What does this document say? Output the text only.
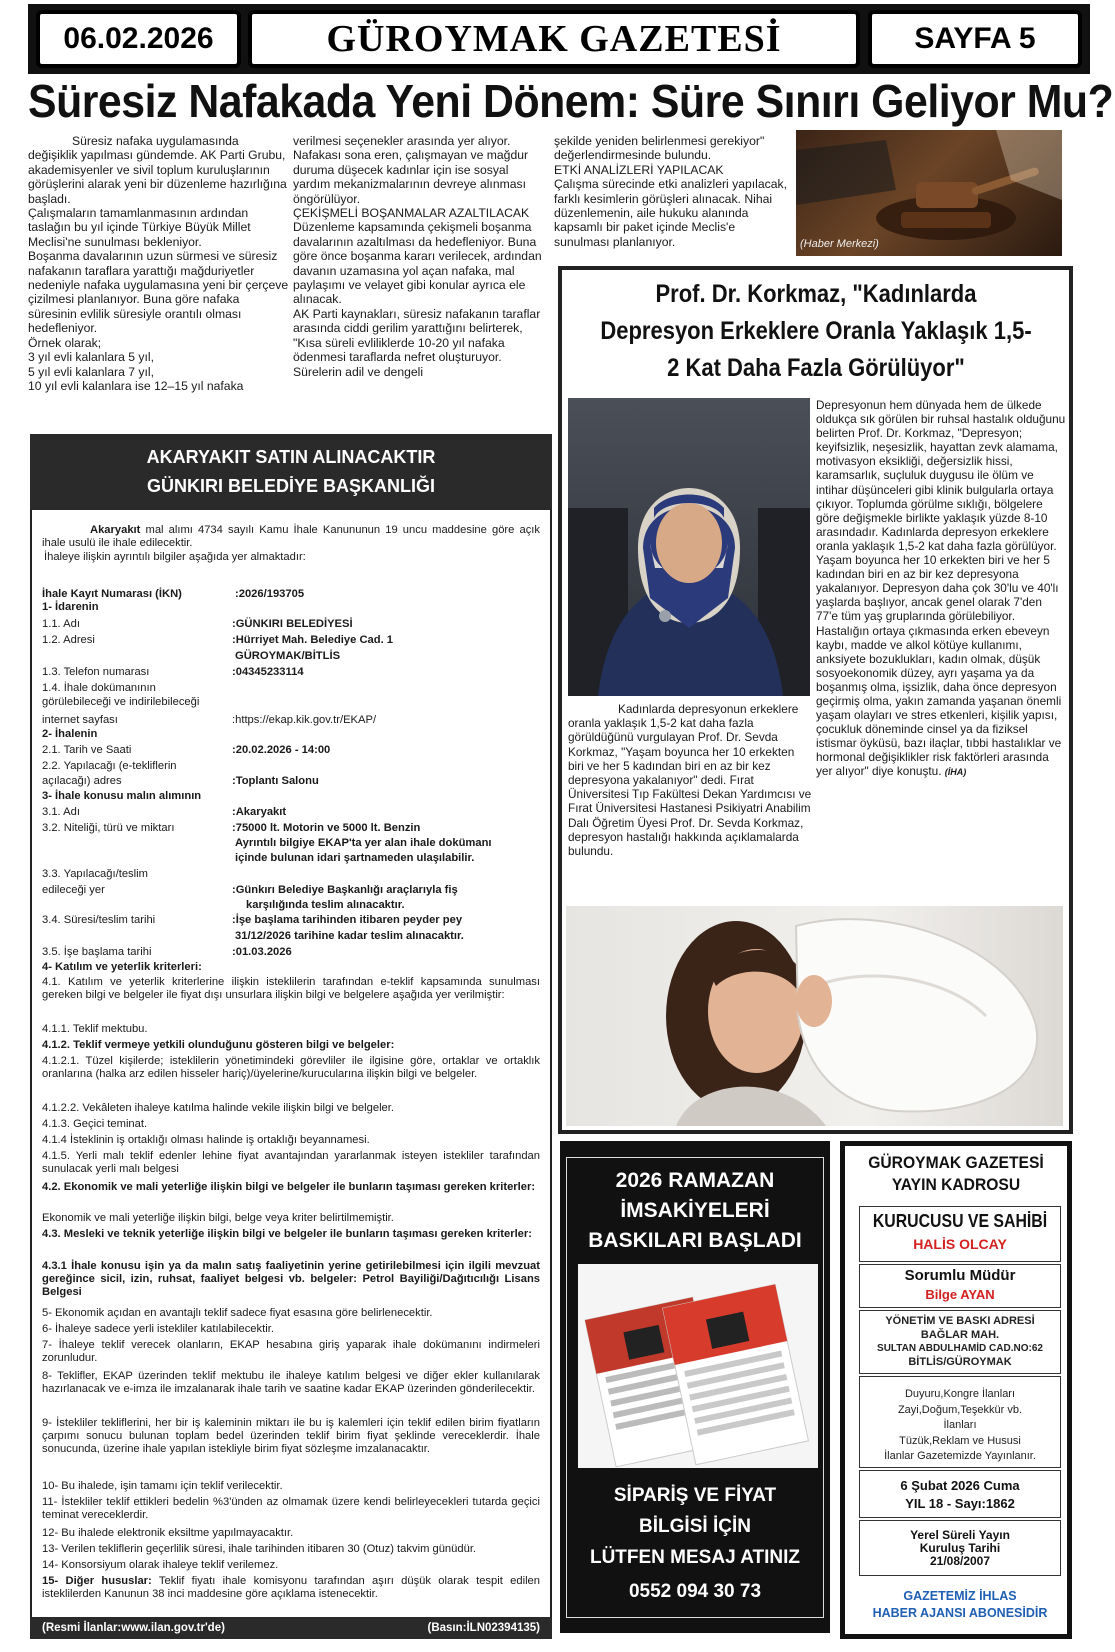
06.02.2026	GÜROYMAK GAZETESİ	SAYFA 5
Süresiz Nafakada Yeni Dönem: Süre Sınırı Geliyor Mu?

Süresiz nafaka uygulamasında değişiklik yapılması gündemde. AK Parti Grubu, akademisyenler ve sivil toplum kuruluşlarının görüşlerini alarak yeni bir düzenleme hazırlığına başladı.

Çalışmaların tamamlanmasının ardından taslağın bu yıl içinde Türkiye Büyük Millet Meclisi'ne sunulması bekleniyor.

Boşanma davalarının uzun sürmesi ve süresiz nafakanın taraflara yarattığı mağduriyetler nedeniyle nafaka uygulamasına yeni bir çerçeve çizilmesi planlanıyor. Buna göre nafaka süresinin evlilik süresiyle orantılı olması hedefleniyor.

Örnek olarak;

3 yıl evli kalanlara 5 yıl,

5 yıl evli kalanlara 7 yıl,

10 yıl evli kalanlara ise 12–15 yıl nafaka

verilmesi seçenekler arasında yer alıyor.

Nafakası sona eren, çalışmayan ve mağdur duruma düşecek kadınlar için ise sosyal yardım mekanizmalarının devreye alınması öngörülüyor.

ÇEKİŞMELİ BOŞANMALAR AZALTILACAK

Düzenleme kapsamında çekişmeli boşanma davalarının azaltılması da hedefleniyor. Buna göre önce boşanma kararı verilecek, ardından davanın uzamasına yol açan nafaka, mal paylaşımı ve velayet gibi konular ayrıca ele alınacak.

AK Parti kaynakları, süresiz nafakanın taraflar arasında ciddi gerilim yarattığını belirterek, "Kısa süreli evliliklerde 10-20 yıl nafaka ödenmesi taraflarda nefret oluşturuyor. Sürelerin adil ve dengeli

şekilde yeniden belirlenmesi gerekiyor" değerlendirmesinde bulundu.

ETKİ ANALİZLERİ YAPILACAK

Çalışma sürecinde etki analizleri yapılacak, farklı kesimlerin görüşleri alınacak. Nihai düzenlemenin, aile hukuku alanında kapsamlı bir paket içinde Meclis'e sunulması planlanıyor.	(Haber Merkezi)
AKARYAKIT SATIN ALINACAKTIR
GÜNKIRI BELEDİYE BAŞKANLIĞI
Akaryakıt mal alımı 4734 sayılı Kamu İhale Kanununun 19 uncu maddesine göre açık ihale usulü ile ihale edilecektir.
İhaleye ilişkin ayrıntılı bilgiler aşağıda yer almaktadır:
İhale Kayıt Numarası (İKN)	:2026/193705
1- İdarenin
1.1. Adı	:GÜNKIRI BELEDİYESİ
1.2. Adresi	:Hürriyet Mah. Belediye Cad. 1
GÜROYMAK/BİTLİS
1.3. Telefon numarası	:04345233114
1.4. İhale dokümanının
görülebileceği ve indirilebileceği
internet sayfası	:https://ekap.kik.gov.tr/EKAP/
2- İhalenin
2.1. Tarih ve Saati	:20.02.2026 - 14:00
2.2. Yapılacağı (e-tekliflerin
açılacağı) adres	:Toplantı Salonu
3- İhale konusu malın alımının
3.1. Adı	:Akaryakıt
3.2. Niteliği, türü ve miktarı	:75000 lt. Motorin ve 5000 lt. Benzin
Ayrıntılı bilgiye EKAP'ta yer alan ihale dokümanı
içinde bulunan idari şartnameden ulaşılabilir.
3.3. Yapılacağı/teslim
edileceği yer	:Günkırı Belediye Başkanlığı araçlarıyla fiş
karşılığında teslim alınacaktır.
3.4. Süresi/teslim tarihi	:İşe başlama tarihinden itibaren peyder pey
31/12/2026 tarihine kadar teslim alınacaktır.
3.5. İşe başlama tarihi	:01.03.2026
4- Katılım ve yeterlik kriterleri:
4.1. Katılım ve yeterlik kriterlerine ilişkin isteklilerin tarafından e-teklif kapsamında sunulması gereken bilgi ve belgeler ile fiyat dışı unsurlara ilişkin bilgi ve belgelere aşağıda yer verilmiştir:
4.1.1. Teklif mektubu.
4.1.2. Teklif vermeye yetkili olunduğunu gösteren bilgi ve belgeler:
4.1.2.1. Tüzel kişilerde; isteklilerin yönetimindeki görevliler ile ilgisine göre, ortaklar ve ortaklık oranlarına (halka arz edilen hisseler hariç)/üyelerine/kurucularına ilişkin bilgi ve belgeler.
4.1.2.2. Vekâleten ihaleye katılma halinde vekile ilişkin bilgi ve belgeler.
4.1.3. Geçici teminat.
4.1.4 İsteklinin iş ortaklığı olması halinde iş ortaklığı beyannamesi.
4.1.5. Yerli malı teklif edenler lehine fiyat avantajından yararlanmak isteyen istekliler tarafından sunulacak yerli malı belgesi
4.2. Ekonomik ve mali yeterliğe ilişkin bilgi ve belgeler ile bunların taşıması gereken kriterler:
Ekonomik ve mali yeterliğe ilişkin bilgi, belge veya kriter belirtilmemiştir.
4.3. Mesleki ve teknik yeterliğe ilişkin bilgi ve belgeler ile bunların taşıması gereken kriterler:
4.3.1 İhale konusu işin ya da malın satış faaliyetinin yerine getirilebilmesi için ilgili mevzuat gereğince sicil, izin, ruhsat, faaliyet belgesi vb. belgeler: Petrol Bayiliği/Dağıtıcılığı Lisans Belgesi
5- Ekonomik açıdan en avantajlı teklif sadece fiyat esasına göre belirlenecektir.
6- İhaleye sadece yerli istekliler katılabilecektir.
7- İhaleye teklif verecek olanların, EKAP hesabına giriş yaparak ihale dokümanını indirmeleri zorunludur.
8- Teklifler, EKAP üzerinden teklif mektubu ile ihaleye katılım belgesi ve diğer ekler kullanılarak hazırlanacak ve e-imza ile imzalanarak ihale tarih ve saatine kadar EKAP üzerinden gönderilecektir.
9- İstekliler tekliflerini, her bir iş kaleminin miktarı ile bu iş kalemleri için teklif edilen birim fiyatların çarpımı sonucu bulunan toplam bedel üzerinden teklif birim fiyat şeklinde vereceklerdir. İhale sonucunda, üzerine ihale yapılan istekliyle birim fiyat sözleşme imzalanacaktır.
10- Bu ihalede, işin tamamı için teklif verilecektir.
11- İstekliler teklif ettikleri bedelin %3'ünden az olmamak üzere kendi belirleyecekleri tutarda geçici teminat vereceklerdir.
12- Bu ihalede elektronik eksiltme yapılmayacaktır.
13- Verilen tekliflerin geçerlilik süresi, ihale tarihinden itibaren 30 (Otuz) takvim günüdür.
14- Konsorsiyum olarak ihaleye teklif verilemez.
15- Diğer hususlar: Teklif fiyatı ihale komisyonu tarafından aşırı düşük olarak tespit edilen isteklilerden Kanunun 38 inci maddesine göre açıklama istenecektir.
(Resmi İlanlar:www.ilan.gov.tr'de)	(Basın:İLN02394135)
Prof. Dr. Korkmaz, "Kadınlarda Depresyon Erkeklere Oranla Yaklaşık 1,5-2 Kat Daha Fazla Görülüyor"
Kadınlarda depresyonun erkeklere oranla yaklaşık 1,5-2 kat daha fazla görüldüğünü vurgulayan Prof. Dr. Sevda Korkmaz, "Yaşam boyunca her 10 erkekten biri ve her 5 kadından biri en az bir kez depresyona yakalanıyor" dedi. Fırat Üniversitesi Tıp Fakültesi Dekan Yardımcısı ve Fırat Üniversitesi Hastanesi Psikiyatri Anabilim Dalı Öğretim Üyesi Prof. Dr. Sevda Korkmaz, depresyon hastalığı hakkında açıklamalarda bulundu.
Depresyonun hem dünyada hem de ülkede oldukça sık görülen bir ruhsal hastalık olduğunu belirten Prof. Dr. Korkmaz, "Depresyon; keyifsizlik, neşesizlik, hayattan zevk alamama, motivasyon eksikliği, değersizlik hissi, karamsarlık, suçluluk duygusu ile ölüm ve intihar düşünceleri gibi klinik bulgularla ortaya çıkıyor. Toplumda görülme sıklığı, bölgelere göre değişmekle birlikte yaklaşık yüzde 8-10 arasındadır. Kadınlarda depresyon erkeklere oranla yaklaşık 1,5-2 kat daha fazla görülüyor. Yaşam boyunca her 10 erkekten biri ve her 5 kadından biri en az bir kez depresyona yakalanıyor. Depresyon daha çok 30'lu ve 40'lı yaşlarda başlıyor, ancak genel olarak 7'den 77'e tüm yaş gruplarında görülebiliyor. Hastalığın ortaya çıkmasında erken ebeveyn kaybı, madde ve alkol kötüye kullanımı, anksiyete bozuklukları, kadın olmak, düşük sosyoekonomik düzey, ayrı yaşama ya da boşanmış olma, işsizlik, daha önce depresyon geçirmiş olma, yakın zamanda yaşanan önemli yaşam olayları ve stres etkenleri, kişilik yapısı, çocukluk döneminde cinsel ya da fiziksel istismar öyküsü, bazı ilaçlar, tıbbi hastalıklar ve hormonal değişiklikler risk faktörleri arasında yer alıyor" diye konuştu. (İHA)
2026 RAMAZAN
İMSAKİYELERİ
BASKILARI BAŞLADI
SİPARİŞ VE FİYAT
BİLGİSİ İÇİN
LÜTFEN MESAJ ATINIZ
0552 094 30 73
GÜROYMAK GAZETESİ
YAYIN KADROSU
KURUCUSU VE SAHİBİ
HALİS OLCAY
Sorumlu Müdür
Bilge AYAN
YÖNETİM VE BASKI ADRESİ
BAĞLAR MAH.
SULTAN ABDULHAMİD CAD.NO:62
BİTLİS/GÜROYMAK
Duyuru,Kongre İlanları
Zayi,Doğum,Teşekkür vb.
İlanları
Tüzük,Reklam ve Hususi
İlanlar Gazetemizde Yayınlanır.
6 Şubat 2026 Cuma
YIL 18 - Sayı:1862
Yerel Süreli Yayın
Kuruluş Tarihi
21/08/2007
GAZETEMİZ İHLAS
HABER AJANSI ABONESİDİR
